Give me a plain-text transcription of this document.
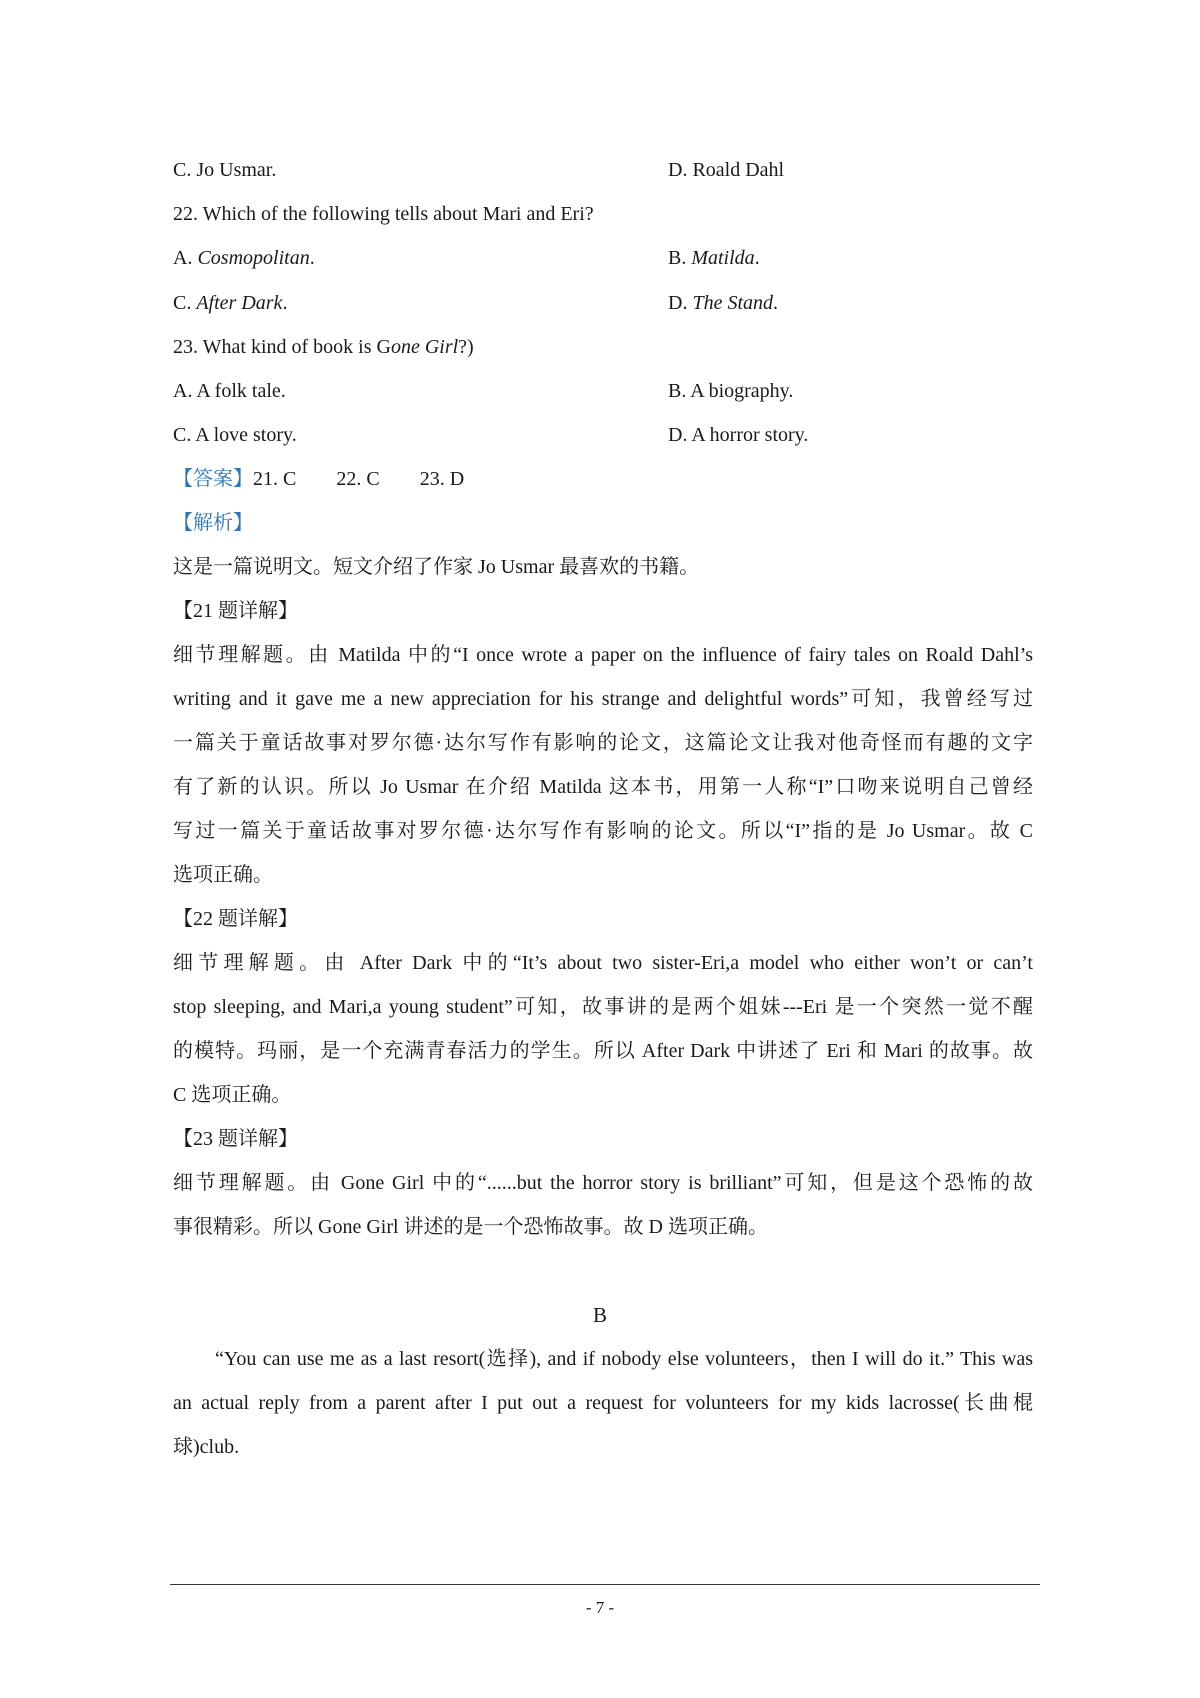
C. Jo Usmar.	D. Roald Dahl
22. Which of the following tells about Mari and Eri?
A. Cosmopolitan.	B. Matilda.
C. After Dark.	D. The Stand.
23. What kind of book is Gone Girl?)
A. A folk tale.	B. A biography.
C. A love story.	D. A horror story.
【答案】21. C 22. C 23. D
【解析】
这是一篇说明文。短文介绍了作家 Jo Usmar 最喜欢的书籍。
【21 题详解】
细节理解题。由 Matilda 中的“I once wrote a paper on the influence of fairy tales on Roald Dahl’s
writing and it gave me a new appreciation for his strange and delightful words”可知，我曾经写过
一篇关于童话故事对罗尔德·达尔写作有影响的论文，这篇论文让我对他奇怪而有趣的文字
有了新的认识。所以 Jo Usmar 在介绍 Matilda 这本书，用第一人称“I”口吻来说明自己曾经
写过一篇关于童话故事对罗尔德·达尔写作有影响的论文。所以“I”指的是 Jo Usmar。故 C
选项正确。
【22 题详解】
细节理解题。由 After Dark 中的“It’s about two sister-Eri,a model who either won’t or can’t
stop sleeping, and Mari,a young student”可知，故事讲的是两个姐妹---Eri 是一个突然一觉不醒
的模特。玛丽，是一个充满青春活力的学生。所以 After Dark 中讲述了 Eri 和 Mari 的故事。故
C 选项正确。
【23 题详解】
细节理解题。由 Gone Girl 中的“......but the horror story is brilliant”可知，但是这个恐怖的故
事很精彩。所以 Gone Girl 讲述的是一个恐怖故事。故 D 选项正确。
B
“You can use me as a last resort(选择), and if nobody else volunteers，then I will do it.” This was
an actual reply from a parent after I put out a request for volunteers for my kids lacrosse(长曲棍
球)club.
- 7 -
